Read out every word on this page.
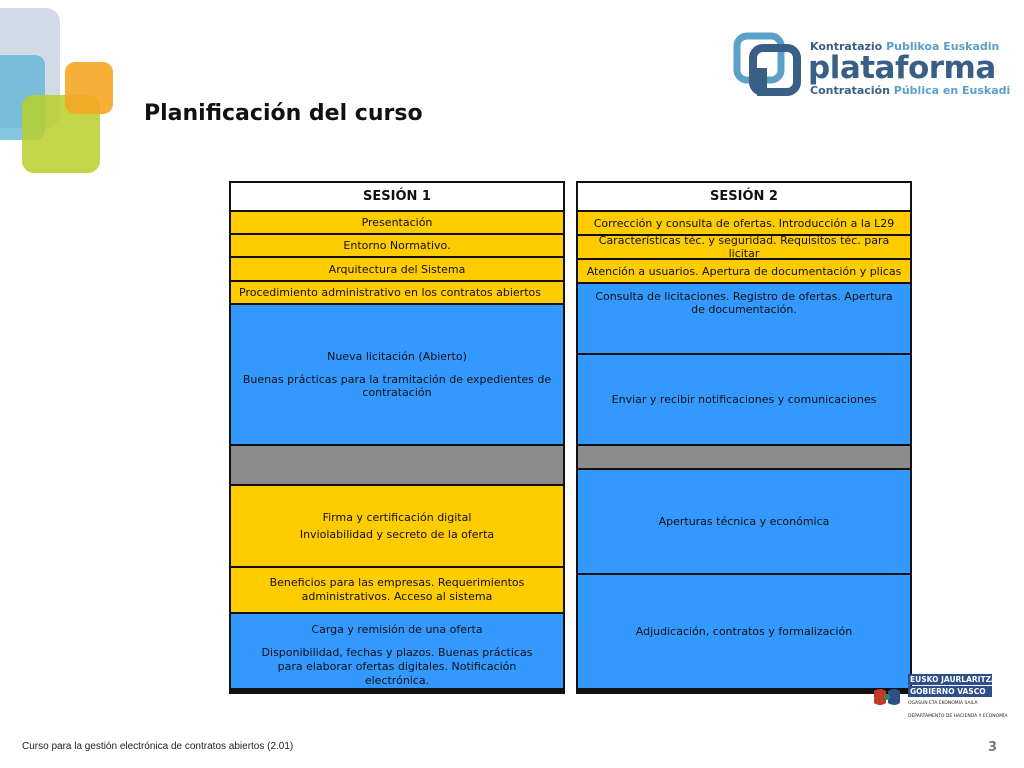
Kontratazio Publikoa Euskadin
plataforma
Contratación Pública en Euskadi
Planificación del curso
SESIÓN 1
Presentación
Entorno Normativo.
Arquitectura del Sistema
Procedimiento administrativo en los contratos abiertos
Nueva licitación (Abierto)
Buenas prácticas para la tramitación de expedientes de contratación
Firma y certificación digital
Inviolabilidad y secreto de la oferta
Beneficios para las empresas. Requerimientos administrativos. Acceso al sistema
Carga y remisión de una oferta
Disponibilidad, fechas y plazos. Buenas prácticas para elaborar ofertas digitales. Notificación electrónica.
SESIÓN 2
Corrección y consulta de ofertas. Introducción a la L29
Características téc. y seguridad. Requisitos téc. para licitar
Atención a usuarios. Apertura de documentación y plicas
Consulta de licitaciones. Registro de ofertas. Apertura de documentación.
Enviar y recibir notificaciones y comunicaciones
Aperturas técnica y económica
Adjudicación, contratos y formalización
EUSKO JAURLARITZA
GOBIERNO VASCO
OGASUN ETA EKONOMIA SAILA
DEPARTAMENTO DE HACIENDA Y ECONOMÍA
Curso para la gestión electrónica de contratos abiertos (2.01)	3
